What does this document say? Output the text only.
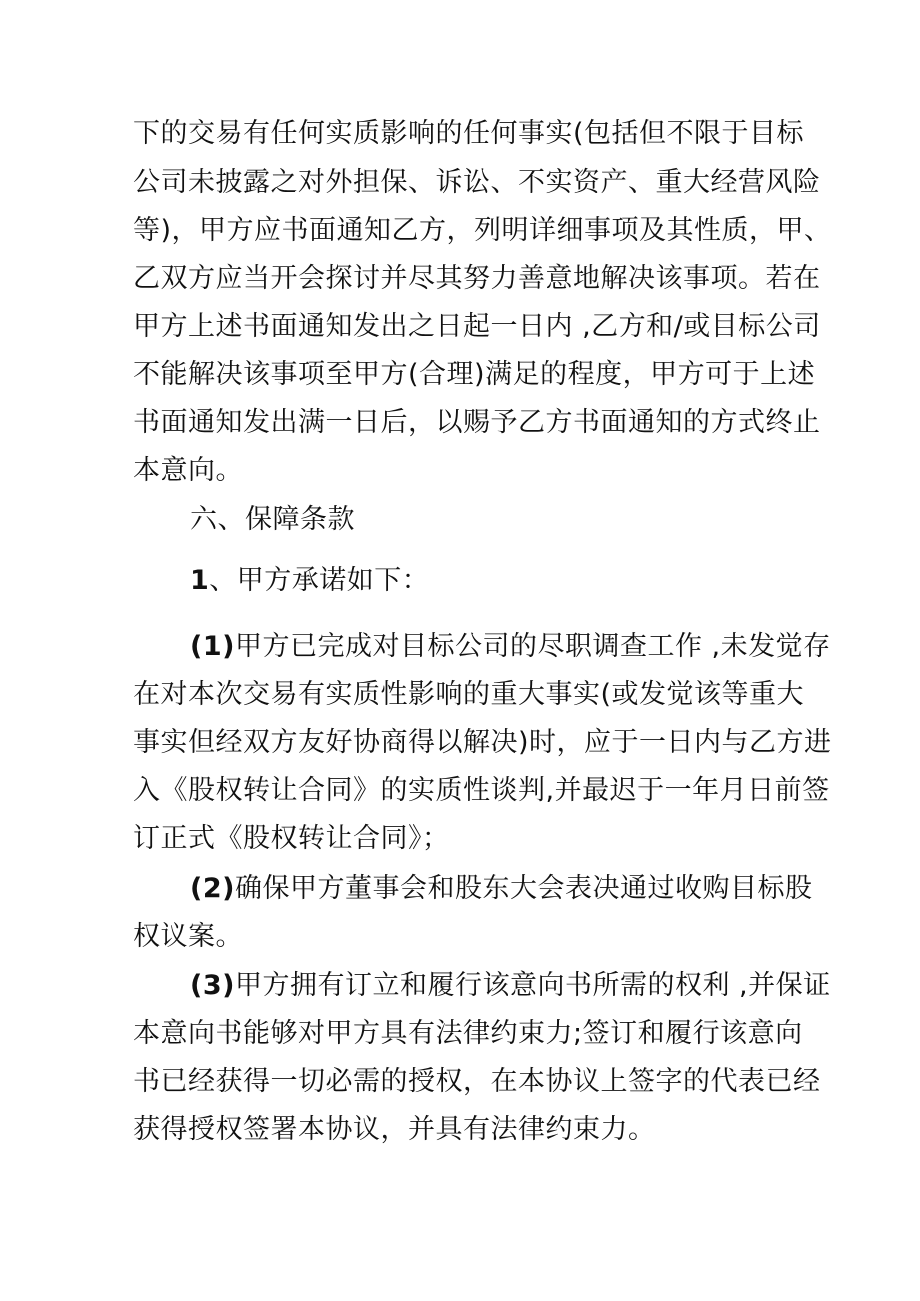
下的交易有任何实质影响的任何事实(包括但不限于目标
公司未披露之对外担保、诉讼、不实资产、重大经营风险
等)，甲方应书面通知乙方，列明详细事项及其性质，甲、
乙双方应当开会探讨并尽其努力善意地解决该事项。若在
甲方上述书面通知发出之日起一日内 ,乙方和/或目标公司
不能解决该事项至甲方(合理)满足的程度，甲方可于上述
书面通知发出满一日后，以赐予乙方书面通知的方式终止
本意向。
六、保障条款
1、甲方承诺如下：
(1)甲方已完成对目标公司的尽职调查工作 ,未发觉存
在对本次交易有实质性影响的重大事实(或发觉该等重大
事实但经双方友好协商得以解决)时，应于一日内与乙方进
入《股权转让合同》的实质性谈判,并最迟于一年月日前签
订正式《股权转让合同》；
(2)确保甲方董事会和股东大会表决通过收购目标股
权议案。
(3)甲方拥有订立和履行该意向书所需的权利 ,并保证
本意向书能够对甲方具有法律约束力;签订和履行该意向
书已经获得一切必需的授权，在本协议上签字的代表已经
获得授权签署本协议，并具有法律约束力。
